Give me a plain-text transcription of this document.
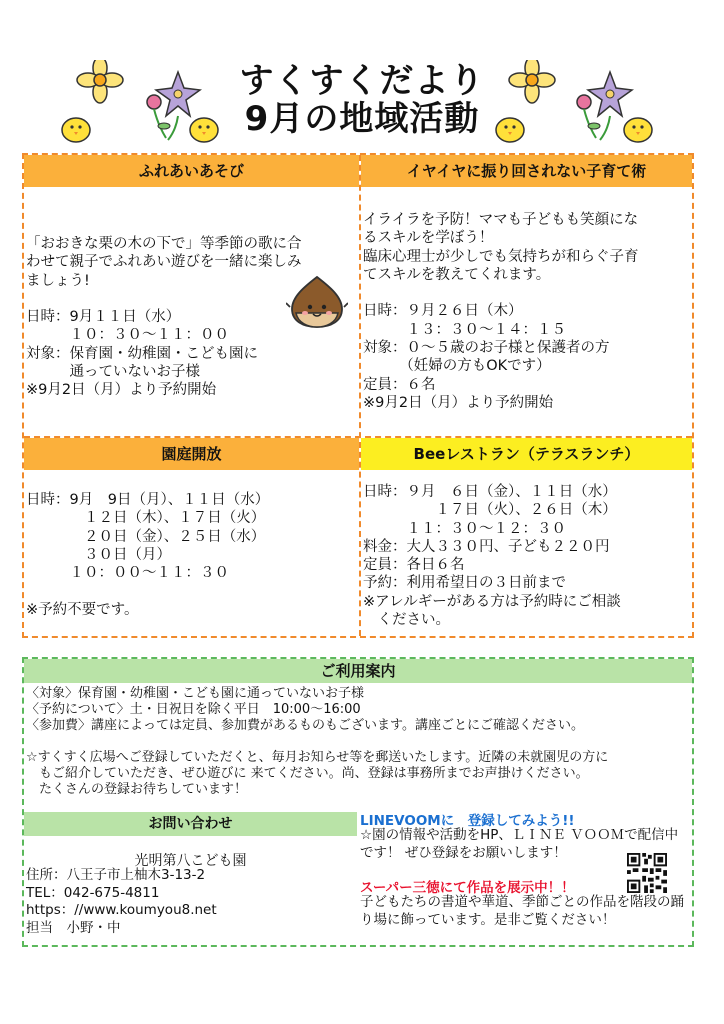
すくすくだより
9月の地域活動
ふれあいあそび
「おおきな栗の木の下で」等季節の歌に合
わせて親子でふれあい遊びを一緒に楽しみ
ましょう!

日時：9月１１日（水）
　　　１０：３０〜１１：００
対象：保育園・幼稚園・こども園に
　　　通っていないお子様
※9月2日（月）より予約開始
イヤイヤに振り回されない子育て術
イライラを予防！ママも子どもも笑顔にな
るスキルを学ぼう！
臨床心理士が少しでも気持ちが和らぐ子育
てスキルを教えてくれます。

日時：９月２６日（木）
　　　１３：３０〜１４：１５
対象：０〜５歳のお子様と保護者の方
　　　（妊婦の方もOKです）
定員：６名
※9月2日（月）より予約開始
園庭開放
日時：9月　9日（月）、１１日（水）
　　　　１２日（木）、１７日（火）
　　　　２０日（金）、２５日（水）
　　　　３０日（月）
　　　１０：００〜１１：３０

※予約不要です。
Beeレストラン（テラスランチ）
日時：９月　６日（金）、１１日（水）
　　　　　１７日（火）、２６日（木）
　　　１１：３０〜１２：３０
料金：大人３３０円、子ども２２０円
定員：各日６名
予約：利用希望日の３日前まで
※アレルギーがある方は予約時にご相談
　ください。
ご利用案内
〈対象〉保育園・幼稚園・こども園に通っていないお子様
〈予約について〉土・日祝日を除く平日　10:00〜16:00
〈参加費〉講座によっては定員、参加費があるものもございます。講座ごとにご確認ください。

☆すくすく広場へご登録していただくと、毎月お知らせ等を郵送いたします。近隣の未就園児の方に
　もご紹介していただき、ぜひ遊びに 来てください。尚、登録は事務所までお声掛けください。
　たくさんの登録お待ちしています！
お問い合わせ
光明第八こども園
住所：八王子市上柚木3-13-2
TEL：042-675-4811
https：//www.koumyou8.net
担当　小野・中
LINEVOOMに　登録してみよう!!
☆園の情報や活動をHP、ＬＩＮＥ ＶＯＯＭで配信中です！ ぜひ登録をお願いします！
スーパー三徳にて作品を展示中！！
子どもたちの書道や華道、季節ごとの作品を階段の踊り場に飾っています。是非ご覧ください！
